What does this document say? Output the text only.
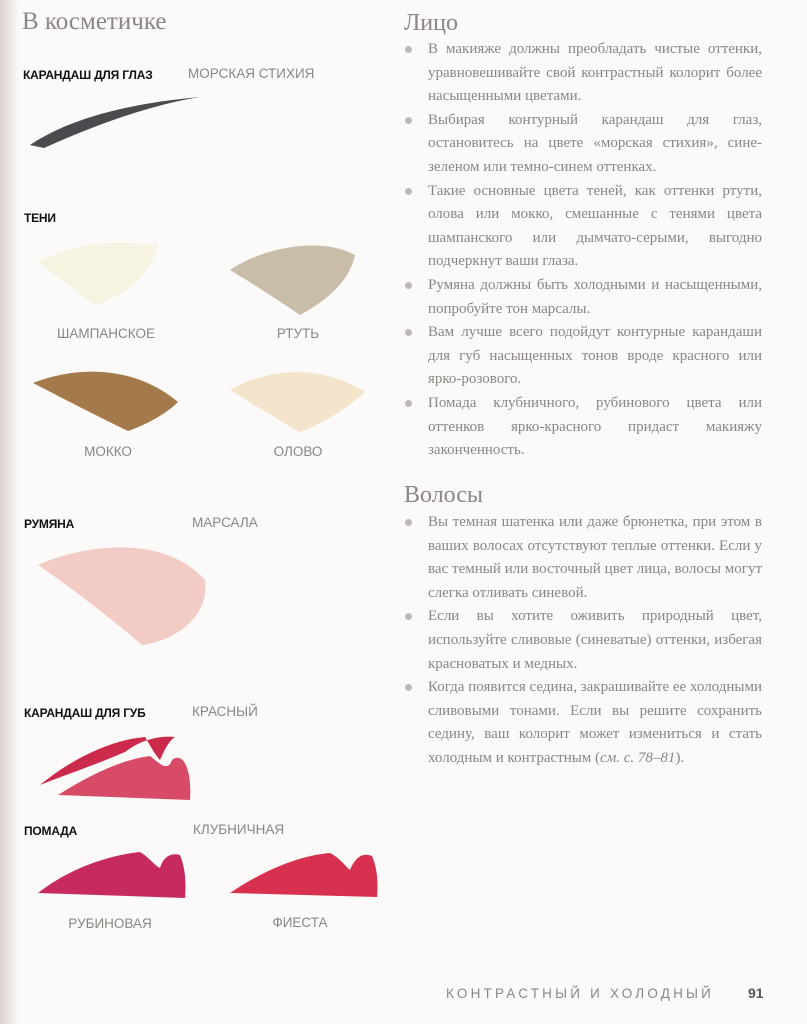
В косметичке
КАРАНДАШ ДЛЯ ГЛАЗ	МОРСКАЯ СТИХИЯ
ТЕНИ
ШАМПАНСКОЕ	РТУТЬ
МОККО	ОЛОВО
РУМЯНА	МАРСАЛА
КАРАНДАШ ДЛЯ ГУБ	КРАСНЫЙ
ПОМАДА	КЛУБНИЧНАЯ
РУБИНОВАЯ	ФИЕСТА
Лицо
В макияже должны преобладать чистые оттенки, уравновешивайте свой контрастный колорит более насыщенными цветами.
Выбирая контурный карандаш для глаз, остановитесь на цвете «морская стихия», сине-зеленом или темно-синем оттенках.
Такие основные цвета теней, как оттенки ртути, олова или мокко, смешанные с тенями цвета шампанского или дымчато-серыми, выгодно подчеркнут ваши глаза.
Румяна должны быть холодными и насыщенными, попробуйте тон марсалы.
Вам лучше всего подойдут контурные карандаши для губ насыщенных тонов вроде красного или ярко-розового.
Помада клубничного, рубинового цвета или оттенков ярко-красного придаст макияжу законченность.
Волосы
Вы темная шатенка или даже брюнетка, при этом в ваших волосах отсутствуют теплые оттенки. Если у вас темный или восточный цвет лица, волосы могут слегка отливать синевой.
Если вы хотите оживить природный цвет, используйте сливовые (синеватые) оттенки, избегая красноватых и медных.
Когда появится седина, закрашивайте ее холодными сливовыми тонами. Если вы решите сохранить седину, ваш колорит может измениться и стать холодным и контрастным (см. с. 78–81).
КОНТРАСТНЫЙ И ХОЛОДНЫЙ 91
